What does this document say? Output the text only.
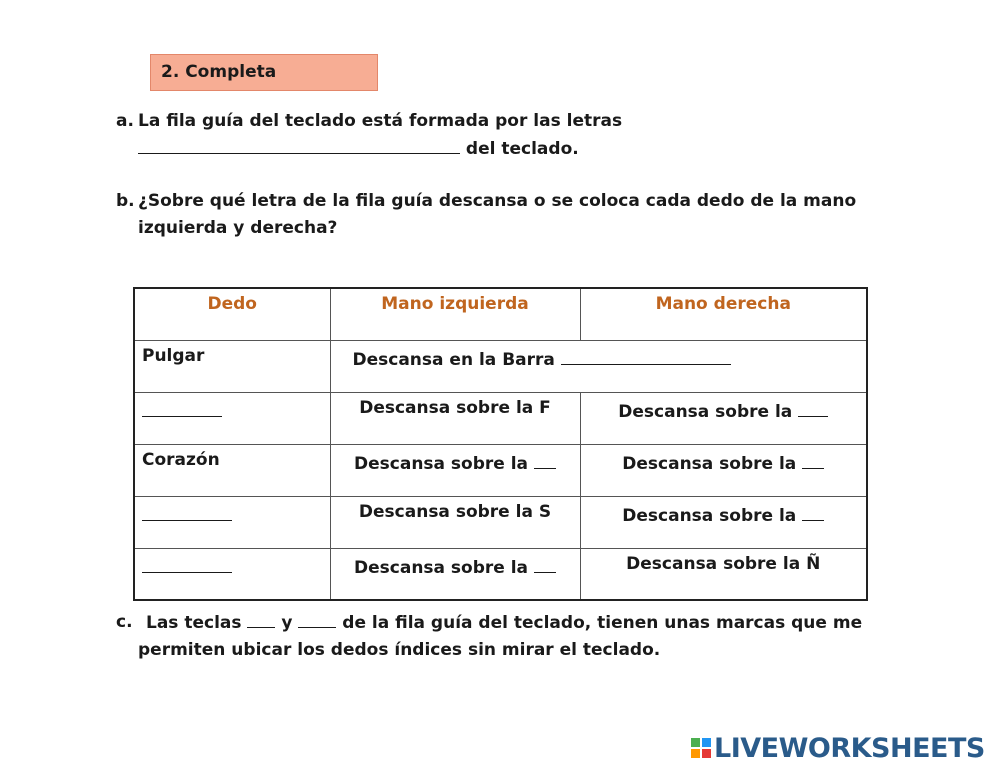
2. Completa
a. La fila guía del teclado está formada por las letras
del teclado.
b. ¿Sobre qué letra de la fila guía descansa o se coloca cada dedo de la mano
izquierda y derecha?
Dedo	Mano izquierda	Mano derecha
Pulgar	Descansa en la Barra	
	Descansa sobre la F	Descansa sobre la
Corazón	Descansa sobre la	Descansa sobre la
	Descansa sobre la S	Descansa sobre la
	Descansa sobre la	Descansa sobre la Ñ
c. Las teclas y	de la fila guía del teclado, tienen unas marcas que me
permiten ubicar los dedos índices sin mirar el teclado.
LIVEWORKSHEETS
